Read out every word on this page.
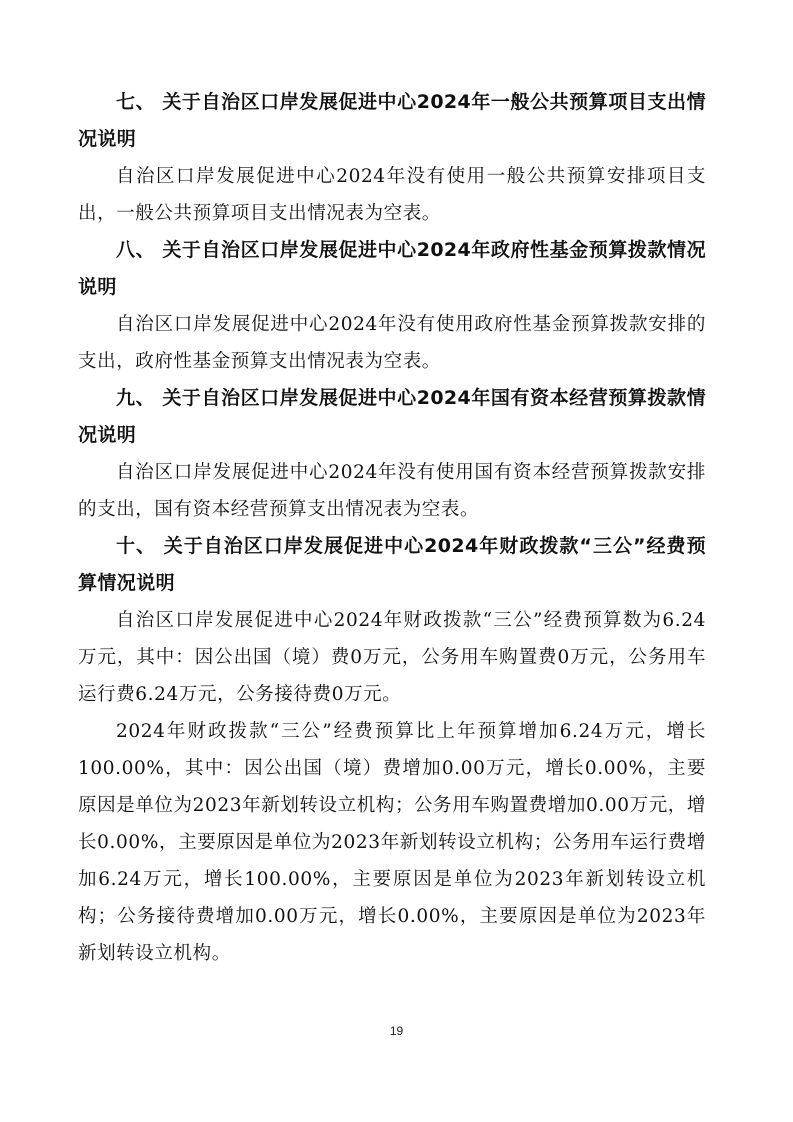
七、 关于自治区口岸发展促进中心2024年一般公共预算项目支出情况说明

自治区口岸发展促进中心2024年没有使用一般公共预算安排项目支出，一般公共预算项目支出情况表为空表。

八、 关于自治区口岸发展促进中心2024年政府性基金预算拨款情况说明

自治区口岸发展促进中心2024年没有使用政府性基金预算拨款安排的支出，政府性基金预算支出情况表为空表。

九、 关于自治区口岸发展促进中心2024年国有资本经营预算拨款情况说明

自治区口岸发展促进中心2024年没有使用国有资本经营预算拨款安排的支出，国有资本经营预算支出情况表为空表。

十、 关于自治区口岸发展促进中心2024年财政拨款“三公”经费预算情况说明

自治区口岸发展促进中心2024年财政拨款“三公”经费预算数为6.24万元，其中：因公出国（境）费0万元，公务用车购置费0万元，公务用车运行费6.24万元，公务接待费0万元。

2024年财政拨款“三公”经费预算比上年预算增加6.24万元，增长100.00%，其中：因公出国（境）费增加0.00万元，增长0.00%，主要原因是单位为2023年新划转设立机构；公务用车购置费增加0.00万元，增长0.00%，主要原因是单位为2023年新划转设立机构；公务用车运行费增加6.24万元，增长100.00%，主要原因是单位为2023年新划转设立机构；公务接待费增加0.00万元，增长0.00%，主要原因是单位为2023年新划转设立机构。

19
